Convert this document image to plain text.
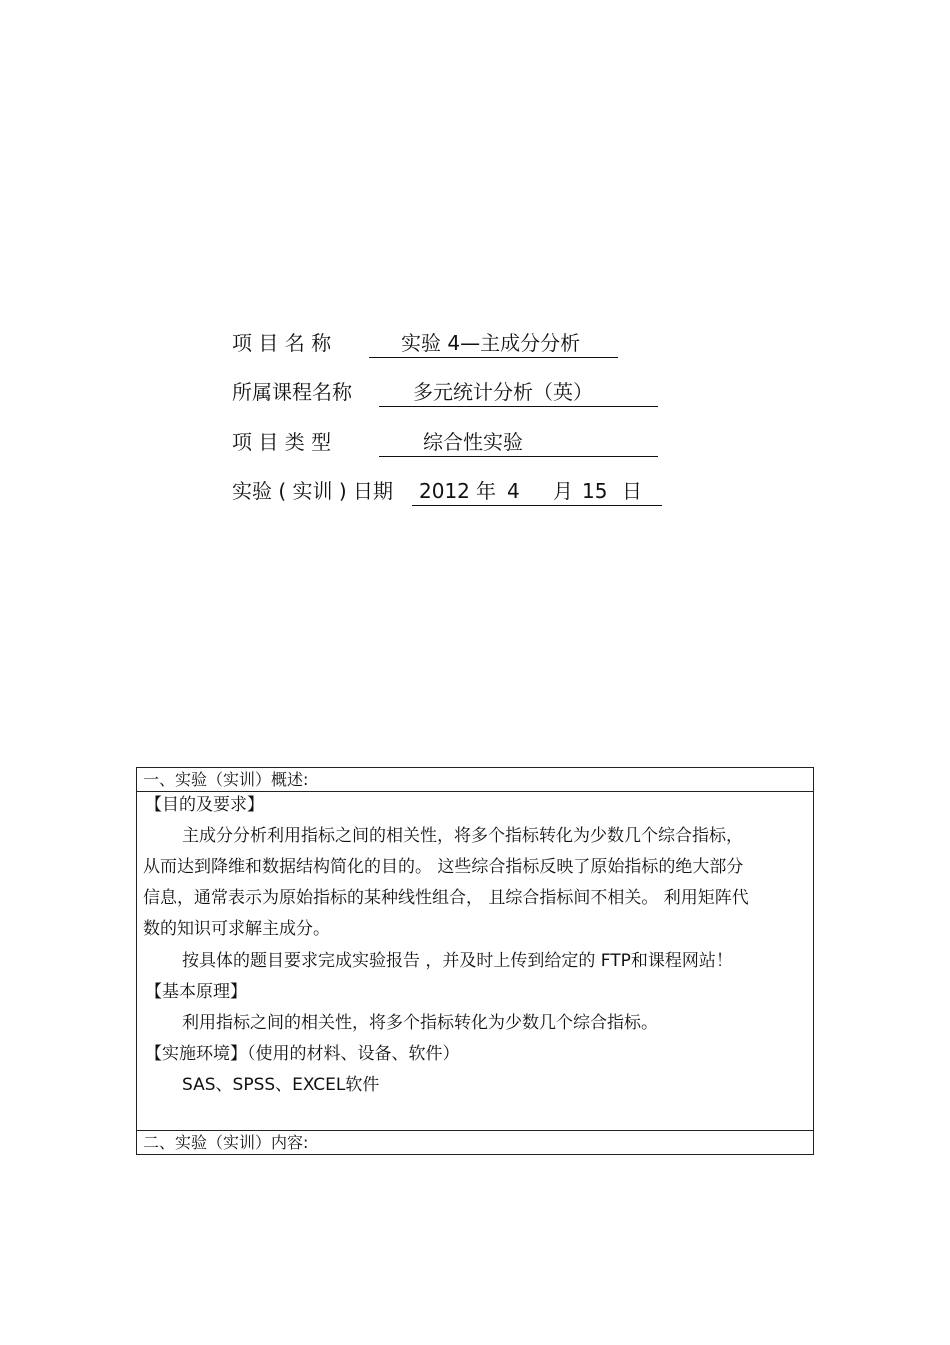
项 目 名 称	实验 4—主成分分析
所属课程名称	多元统计分析（英）
项 目 类 型	综合性实验
实验 ( 实训 ) 日期 2012 年 4 月 15 日
一、实验（实训）概述:
【目的及要求】
主成分分析利用指标之间的相关性，将多个指标转化为少数几个综合指标，
从而达到降维和数据结构简化的目的。 这些综合指标反映了原始指标的绝大部分
信息，通常表示为原始指标的某种线性组合， 且综合指标间不相关。 利用矩阵代
数的知识可求解主成分。
按具体的题目要求完成实验报告 ，并及时上传到给定的 FTP和课程网站！
【基本原理】
利用指标之间的相关性，将多个指标转化为少数几个综合指标。
【实施环境】（使用的材料、设备、软件）
SAS、SPSS、EXCEL软件
二、实验（实训）内容:
